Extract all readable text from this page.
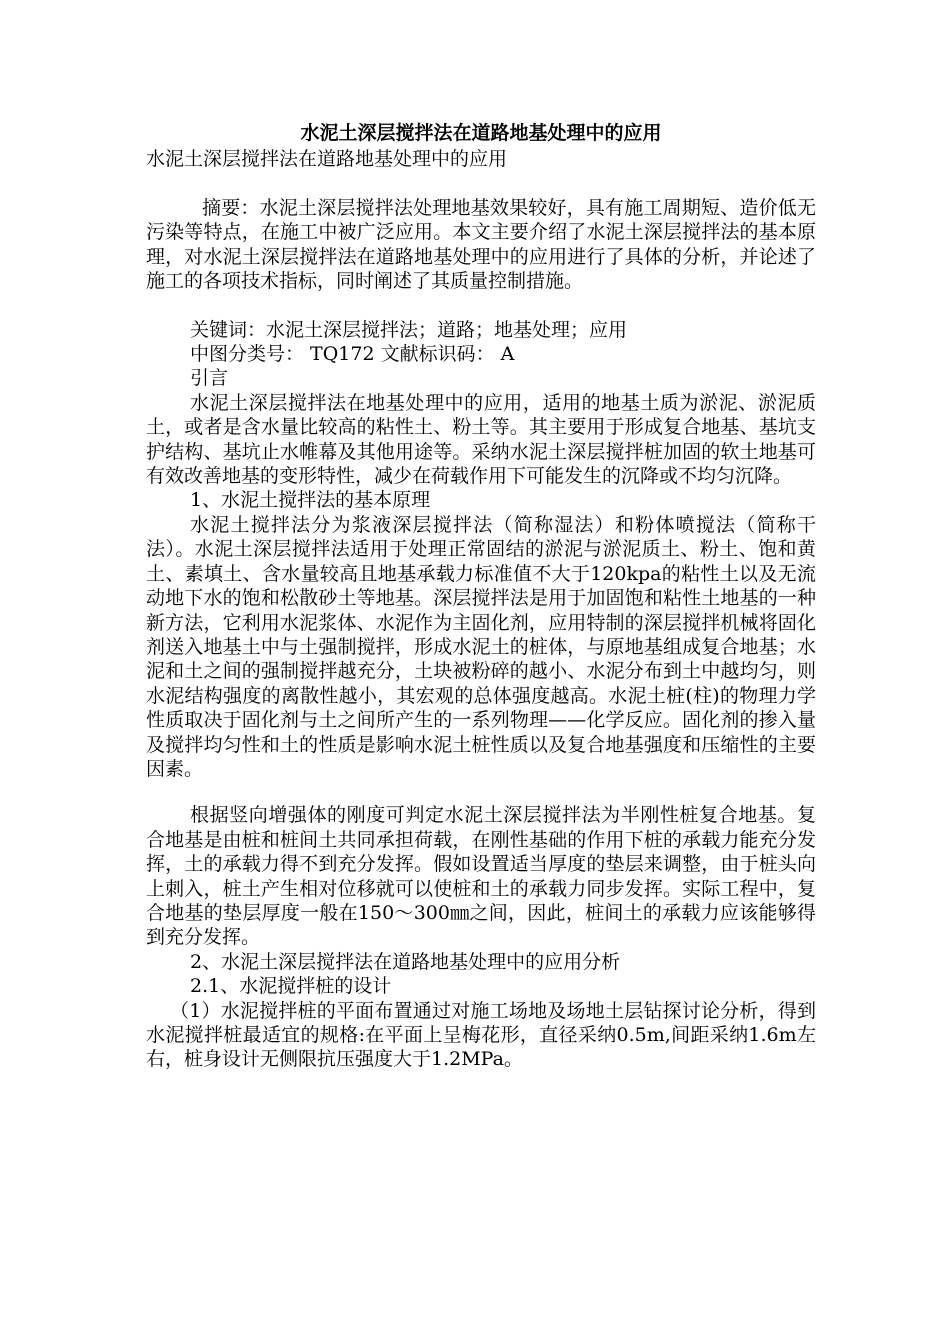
水泥土深层搅拌法在道路地基处理中的应用

水泥土深层搅拌法在道路地基处理中的应用

摘要：水泥土深层搅拌法处理地基效果较好，具有施工周期短、造价低无污染等特点，在施工中被广泛应用。本文主要介绍了水泥土深层搅拌法的基本原理，对水泥土深层搅拌法在道路地基处理中的应用进行了具体的分析，并论述了施工的各项技术指标，同时阐述了其质量控制措施。

关键词：水泥土深层搅拌法；道路；地基处理；应用

中图分类号： TQ172 文献标识码： A

引言

水泥土深层搅拌法在地基处理中的应用，适用的地基土质为淤泥、淤泥质土，或者是含水量比较高的粘性土、粉土等。其主要用于形成复合地基、基坑支护结构、基坑止水帷幕及其他用途等。采纳水泥土深层搅拌桩加固的软土地基可有效改善地基的变形特性，减少在荷载作用下可能发生的沉降或不均匀沉降。

1、水泥土搅拌法的基本原理

水泥土搅拌法分为浆液深层搅拌法（简称湿法）和粉体喷搅法（简称干法）。水泥土深层搅拌法适用于处理正常固结的淤泥与淤泥质土、粉土、饱和黄土、素填土、含水量较高且地基承载力标准值不大于120kpa的粘性土以及无流动地下水的饱和松散砂土等地基。深层搅拌法是用于加固饱和粘性土地基的一种新方法，它利用水泥浆体、水泥作为主固化剂，应用特制的深层搅拌机械将固化剂送入地基土中与土强制搅拌，形成水泥土的桩体，与原地基组成复合地基；水泥和土之间的强制搅拌越充分，土块被粉碎的越小、水泥分布到土中越均匀，则水泥结构强度的离散性越小，其宏观的总体强度越高。水泥土桩(柱)的物理力学性质取决于固化剂与土之间所产生的一系列物理——化学反应。固化剂的掺入量及搅拌均匀性和土的性质是影响水泥土桩性质以及复合地基强度和压缩性的主要因素。

根据竖向增强体的刚度可判定水泥土深层搅拌法为半刚性桩复合地基。复合地基是由桩和桩间土共同承担荷载，在刚性基础的作用下桩的承载力能充分发挥，土的承载力得不到充分发挥。假如设置适当厚度的垫层来调整，由于桩头向上刺入，桩土产生相对位移就可以使桩和土的承载力同步发挥。实际工程中，复合地基的垫层厚度一般在150～300㎜之间，因此，桩间土的承载力应该能够得到充分发挥。

2、水泥土深层搅拌法在道路地基处理中的应用分析

2.1、水泥搅拌桩的设计

（1）水泥搅拌桩的平面布置通过对施工场地及场地土层钻探讨论分析，得到水泥搅拌桩最适宜的规格:在平面上呈梅花形，直径采纳0.5m,间距采纳1.6m左右，桩身设计无侧限抗压强度大于1.2MPa。
